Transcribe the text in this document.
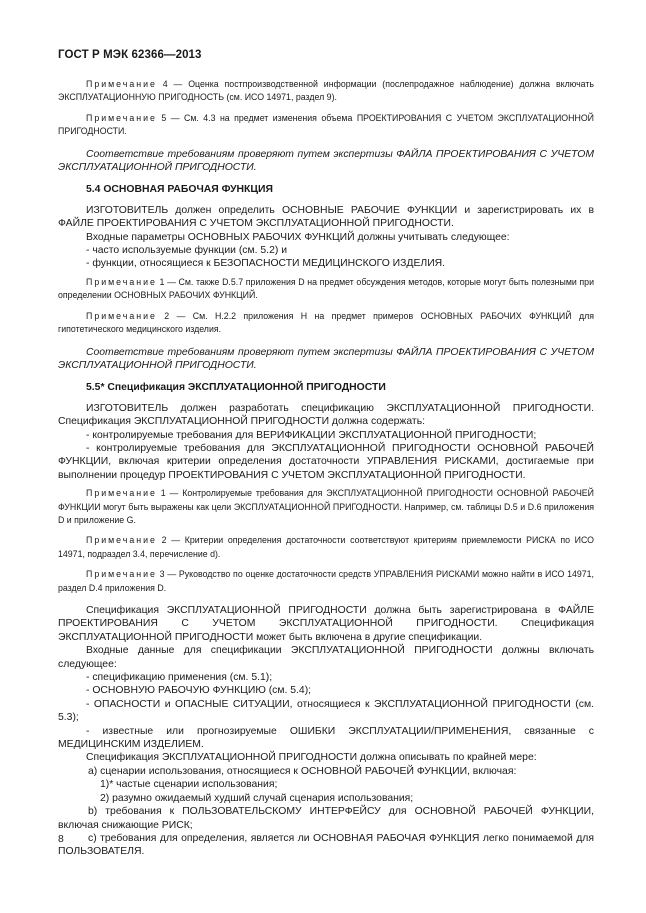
ГОСТ Р МЭК 62366—2013

Примечание 4 — Оценка постпроизводственной информации (послепродажное наблюдение) должна включать ЭКСПЛУАТАЦИОННУЮ ПРИГОДНОСТЬ (см. ИСО 14971, раздел 9).

Примечание 5 — См. 4.3 на предмет изменения объема ПРОЕКТИРОВАНИЯ С УЧЕТОМ ЭКСПЛУАТАЦИОННОЙ ПРИГОДНОСТИ.

Соответствие требованиям проверяют путем экспертизы ФАЙЛА ПРОЕКТИРОВАНИЯ С УЧЕТОМ ЭКСПЛУАТАЦИОННОЙ ПРИГОДНОСТИ.

5.4 ОСНОВНАЯ РАБОЧАЯ ФУНКЦИЯ

ИЗГОТОВИТЕЛЬ должен определить ОСНОВНЫЕ РАБОЧИЕ ФУНКЦИИ и зарегистрировать их в ФАЙЛЕ ПРОЕКТИРОВАНИЯ С УЧЕТОМ ЭКСПЛУАТАЦИОННОЙ ПРИГОДНОСТИ.

Входные параметры ОСНОВНЫХ РАБОЧИХ ФУНКЦИЙ должны учитывать следующее:

- часто используемые функции (см. 5.2) и

- функции, относящиеся к БЕЗОПАСНОСТИ МЕДИЦИНСКОГО ИЗДЕЛИЯ.

Примечание 1 — См. также D.5.7 приложения D на предмет обсуждения методов, которые могут быть полезными при определении ОСНОВНЫХ РАБОЧИХ ФУНКЦИЙ.

Примечание 2 — См. Н.2.2 приложения Н на предмет примеров ОСНОВНЫХ РАБОЧИХ ФУНКЦИЙ для гипотетического медицинского изделия.

Соответствие требованиям проверяют путем экспертизы ФАЙЛА ПРОЕКТИРОВАНИЯ С УЧЕТОМ ЭКСПЛУАТАЦИОННОЙ ПРИГОДНОСТИ.

5.5* Спецификация ЭКСПЛУАТАЦИОННОЙ ПРИГОДНОСТИ

ИЗГОТОВИТЕЛЬ должен разработать спецификацию ЭКСПЛУАТАЦИОННОЙ ПРИГОДНОСТИ. Спецификация ЭКСПЛУАТАЦИОННОЙ ПРИГОДНОСТИ должна содержать:

- контролируемые требования для ВЕРИФИКАЦИИ ЭКСПЛУАТАЦИОННОЙ ПРИГОДНОСТИ;

- контролируемые требования для ЭКСПЛУАТАЦИОННОЙ ПРИГОДНОСТИ ОСНОВНОЙ РАБОЧЕЙ ФУНКЦИИ, включая критерии определения достаточности УПРАВЛЕНИЯ РИСКАМИ, достигаемые при выполнении процедур ПРОЕКТИРОВАНИЯ С УЧЕТОМ ЭКСПЛУАТАЦИОННОЙ ПРИГОДНОСТИ.

Примечание 1 — Контролируемые требования для ЭКСПЛУАТАЦИОННОЙ ПРИГОДНОСТИ ОСНОВНОЙ РАБОЧЕЙ ФУНКЦИИ могут быть выражены как цели ЭКСПЛУАТАЦИОННОЙ ПРИГОДНОСТИ. Например, см. таблицы D.5 и D.6 приложения D и приложение G.

Примечание 2 — Критерии определения достаточности соответствуют критериям приемлемости РИСКА по ИСО 14971, подраздел 3.4, перечисление d).

Примечание 3 — Руководство по оценке достаточности средств УПРАВЛЕНИЯ РИСКАМИ можно найти в ИСО 14971, раздел D.4 приложения D.

Спецификация ЭКСПЛУАТАЦИОННОЙ ПРИГОДНОСТИ должна быть зарегистрирована в ФАЙЛЕ ПРОЕКТИРОВАНИЯ С УЧЕТОМ ЭКСПЛУАТАЦИОННОЙ ПРИГОДНОСТИ. Спецификация ЭКСПЛУАТАЦИОННОЙ ПРИГОДНОСТИ может быть включена в другие спецификации.

Входные данные для спецификации ЭКСПЛУАТАЦИОННОЙ ПРИГОДНОСТИ должны включать следующее:

- спецификацию применения (см. 5.1);

- ОСНОВНУЮ РАБОЧУЮ ФУНКЦИЮ (см. 5.4);

- ОПАСНОСТИ и ОПАСНЫЕ СИТУАЦИИ, относящиеся к ЭКСПЛУАТАЦИОННОЙ ПРИГОДНОСТИ (см. 5.3);

- известные или прогнозируемые ОШИБКИ ЭКСПЛУАТАЦИИ/ПРИМЕНЕНИЯ, связанные с МЕДИЦИНСКИМ ИЗДЕЛИЕМ.

Спецификация ЭКСПЛУАТАЦИОННОЙ ПРИГОДНОСТИ должна описывать по крайней мере:

а) сценарии использования, относящиеся к ОСНОВНОЙ РАБОЧЕЙ ФУНКЦИИ, включая:

1)* частые сценарии использования;

2) разумно ожидаемый худший случай сценария использования;

b) требования к ПОЛЬЗОВАТЕЛЬСКОМУ ИНТЕРФЕЙСУ для ОСНОВНОЙ РАБОЧЕЙ ФУНКЦИИ, включая снижающие РИСК;

с) требования для определения, является ли ОСНОВНАЯ РАБОЧАЯ ФУНКЦИЯ легко понимаемой для ПОЛЬЗОВАТЕЛЯ.

8
